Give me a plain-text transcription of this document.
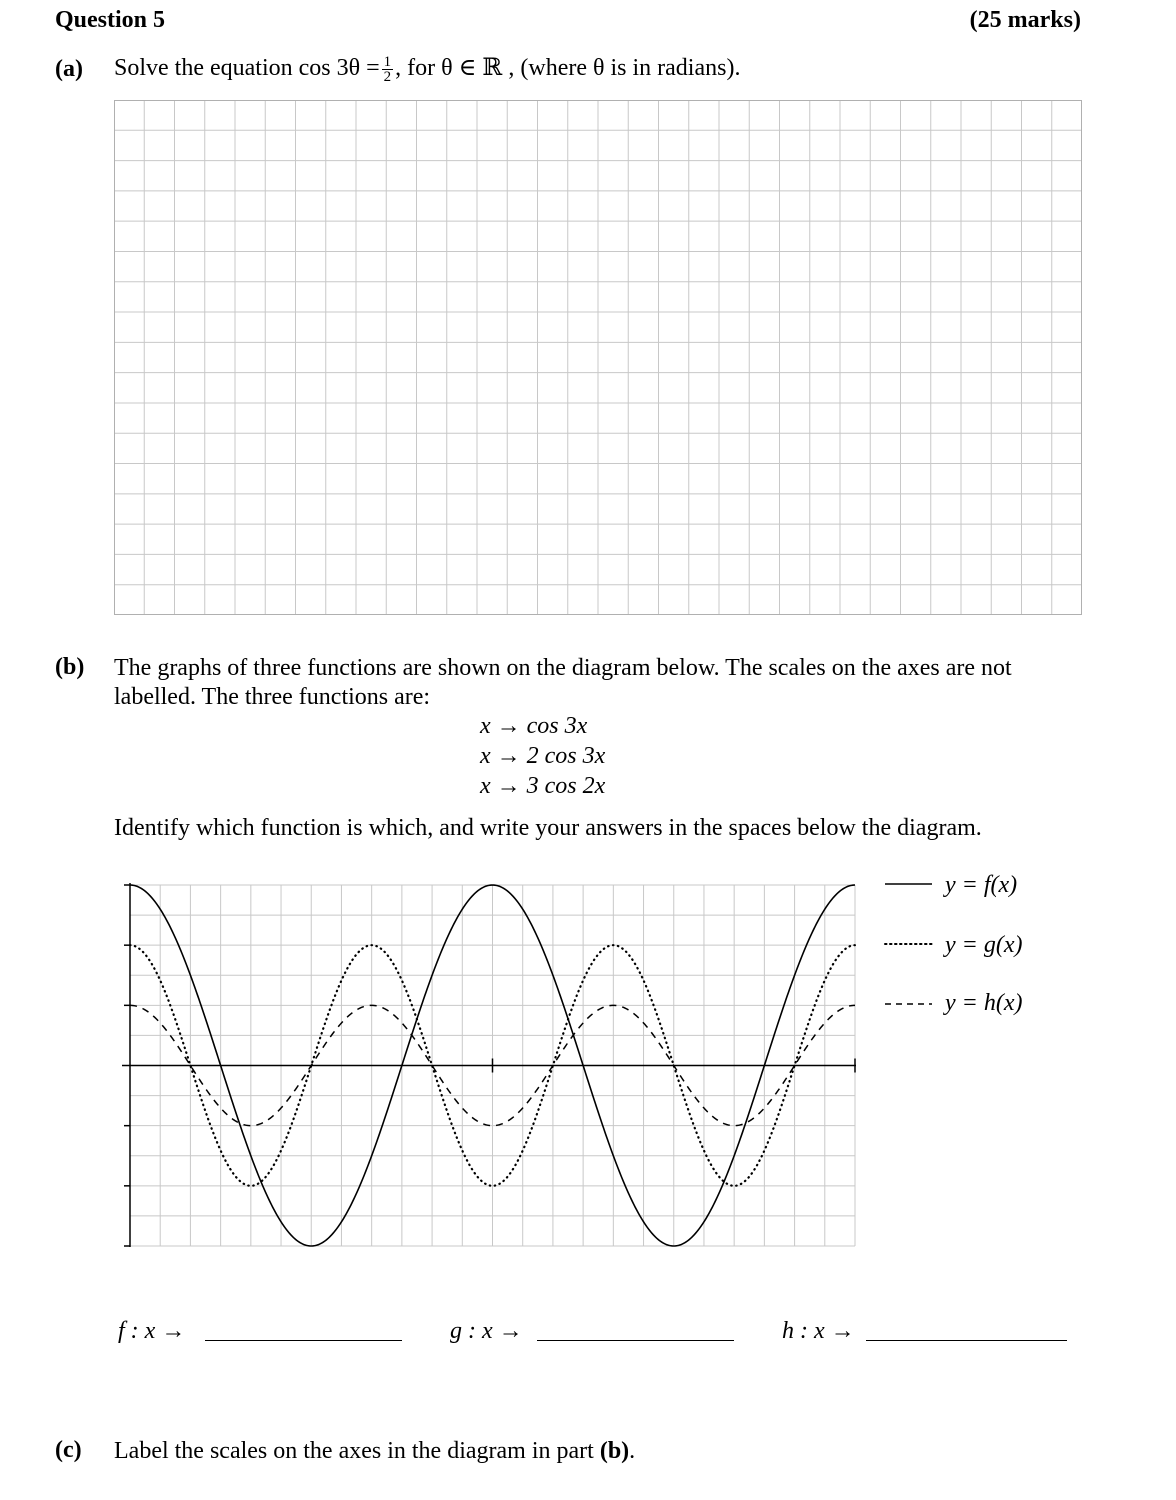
Question 5	(25 marks)
(a) Solve the equation $\cos 3\theta = \frac{1}{2}$ , for θ ∈ ℝ , (where θ is in radians).
(b) The graphs of three functions are shown on the diagram below. The scales on the axes are not
labelled. The three functions are:
x → cos 3x
x → 2 cos 3x
x → 3 cos 2x
Identify which function is which, and write your answers in the spaces below the diagram.
y = f(x)
y = g(x)
y = h(x)
f : x →	g : x →	h : x →
(c) Label the scales on the axes in the diagram in part (b).
